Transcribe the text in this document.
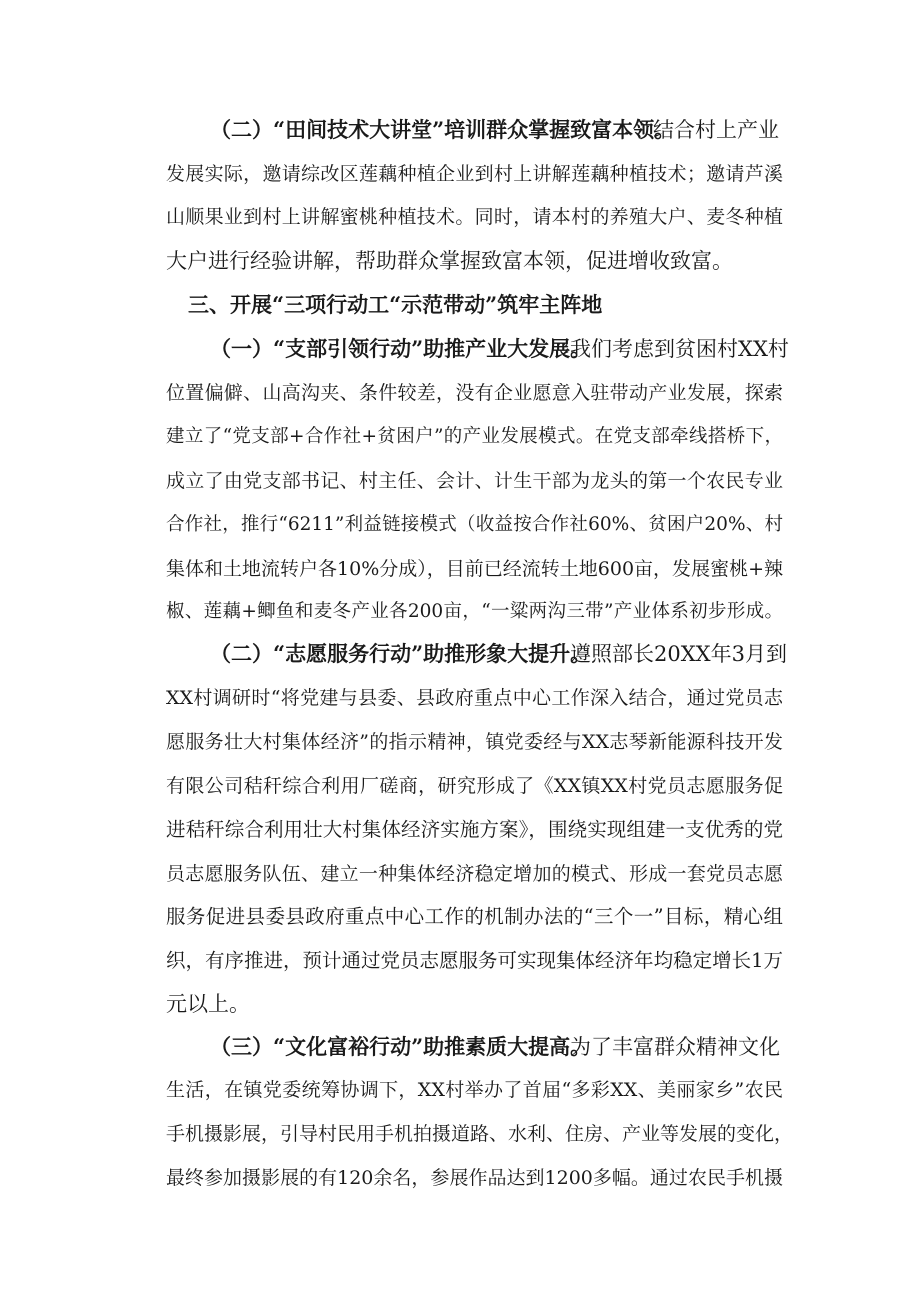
（二）“田间技术大讲堂”培训群众掌握致富本领。
结合村上产业
发展实际，邀请综改区莲藕种植企业到村上讲解莲藕种植技术；邀请芦溪
山顺果业到村上讲解蜜桃种植技术。同时，请本村的养殖大户、麦冬种植
大户进行经验讲解，帮助群众掌握致富本领，促进增收致富。
三、开展“三项行动工“示范带动”筑牢主阵地
（一）“支部引领行动”助推产业大发展。
我们考虑到贫困村XX村
位置偏僻、山高沟夹、条件较差，没有企业愿意入驻带动产业发展，探索
建立了“党支部+合作社+贫困户”的产业发展模式。在党支部牵线搭桥下，
成立了由党支部书记、村主任、会计、计生干部为龙头的第一个农民专业
合作社，推行“6211”利益链接模式（收益按合作社60%、贫困户20%、村
集体和土地流转户各10%分成），目前已经流转土地600亩，发展蜜桃+辣
椒、莲藕+鲫鱼和麦冬产业各200亩，“一粱两沟三带”产业体系初步形成。
（二）“志愿服务行动”助推形象大提升。
遵照部长20XX年3月到
XX村调研时“将党建与县委、县政府重点中心工作深入结合，通过党员志
愿服务壮大村集体经济”的指示精神，镇党委经与XX志琴新能源科技开发
有限公司秸秆综合利用厂磋商，研究形成了《XX镇XX村党员志愿服务促
进秸秆综合利用壮大村集体经济实施方案》，围绕实现组建一支优秀的党
员志愿服务队伍、建立一种集体经济稳定增加的模式、形成一套党员志愿
服务促进县委县政府重点中心工作的机制办法的“三个一”目标，精心组
织，有序推进，预计通过党员志愿服务可实现集体经济年均稳定增长1万
元以上。
（三）“文化富裕行动”助推素质大提高。
为了丰富群众精神文化
生活，在镇党委统筹协调下，XX村举办了首届“多彩XX、美丽家乡”农民
手机摄影展，引导村民用手机拍摄道路、水利、住房、产业等发展的变化，
最终参加摄影展的有120余名，参展作品达到1200多幅。通过农民手机摄
